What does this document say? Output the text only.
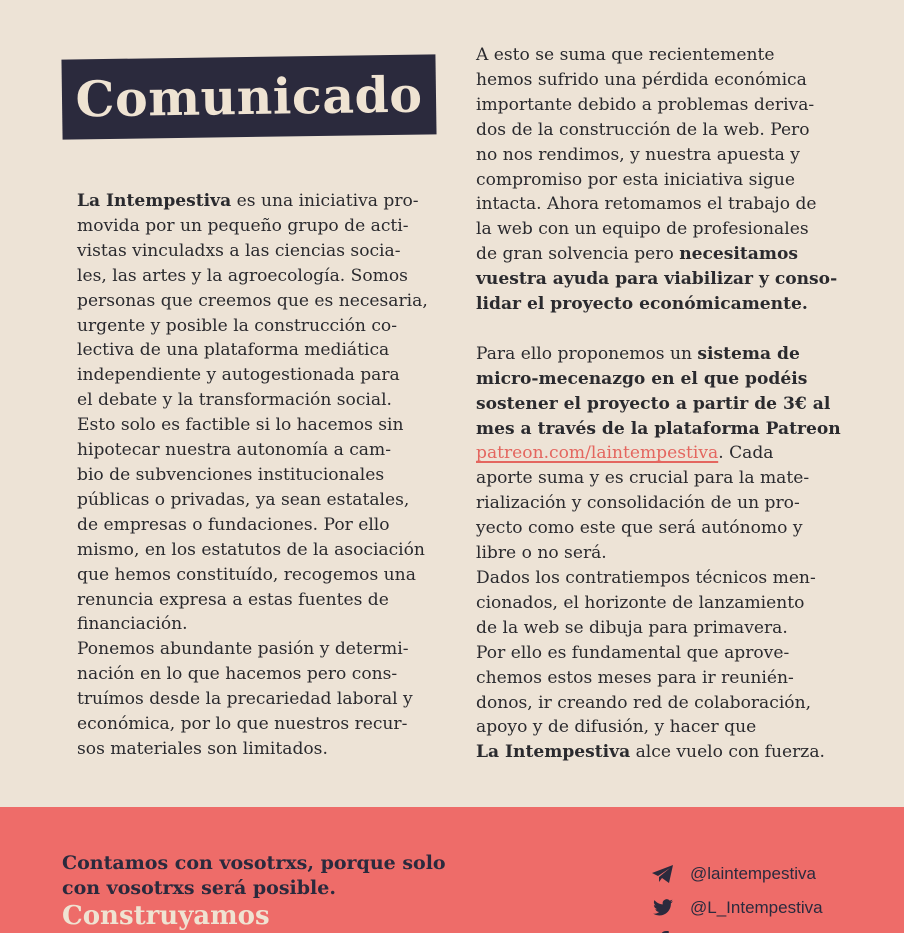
Comunicado

La Intempestiva es una iniciativa pro-
movida por un pequeño grupo de acti-
vistas vinculadxs a las ciencias socia-
les, las artes y la agroecología. Somos
personas que creemos que es necesaria,
urgente y posible la construcción co-
lectiva de una plataforma mediática
independiente y autogestionada para
el debate y la transformación social.
Esto solo es factible si lo hacemos sin
hipotecar nuestra autonomía a cam-
bio de subvenciones institucionales
públicas o privadas, ya sean estatales,
de empresas o fundaciones. Por ello
mismo, en los estatutos de la asociación
que hemos constituído, recogemos una
renuncia expresa a estas fuentes de
financiación.
Ponemos abundante pasión y determi-
nación en lo que hacemos pero cons-
truímos desde la precariedad laboral y
económica, por lo que nuestros recur-
sos materiales son limitados.

A esto se suma que recientemente
hemos sufrido una pérdida económica
importante debido a problemas deriva-
dos de la construcción de la web. Pero
no nos rendimos, y nuestra apuesta y
compromiso por esta iniciativa sigue
intacta. Ahora retomamos el trabajo de
la web con un equipo de profesionales
de gran solvencia pero necesitamos
vuestra ayuda para viabilizar y conso-
lidar el proyecto económicamente.

Para ello proponemos un sistema de
micro-mecenazgo en el que podéis
sostener el proyecto a partir de 3€ al
mes a través de la plataforma Patreon
patreon.com/laintempestiva. Cada
aporte suma y es crucial para la mate-
rialización y consolidación de un pro-
yecto como este que será autónomo y
libre o no será.
Dados los contratiempos técnicos men-
cionados, el horizonte de lanzamiento
de la web se dibuja para primavera.
Por ello es fundamental que aprove-
chemos estos meses para ir reunién-
donos, ir creando red de colaboración,
apoyo y de difusión, y hacer que
La Intempestiva alce vuelo con fuerza.

Contamos con vosotrxs, porque solo
con vosotrxs será posible.
Construyamos
@laintempestiva
@L_Intempestiva
